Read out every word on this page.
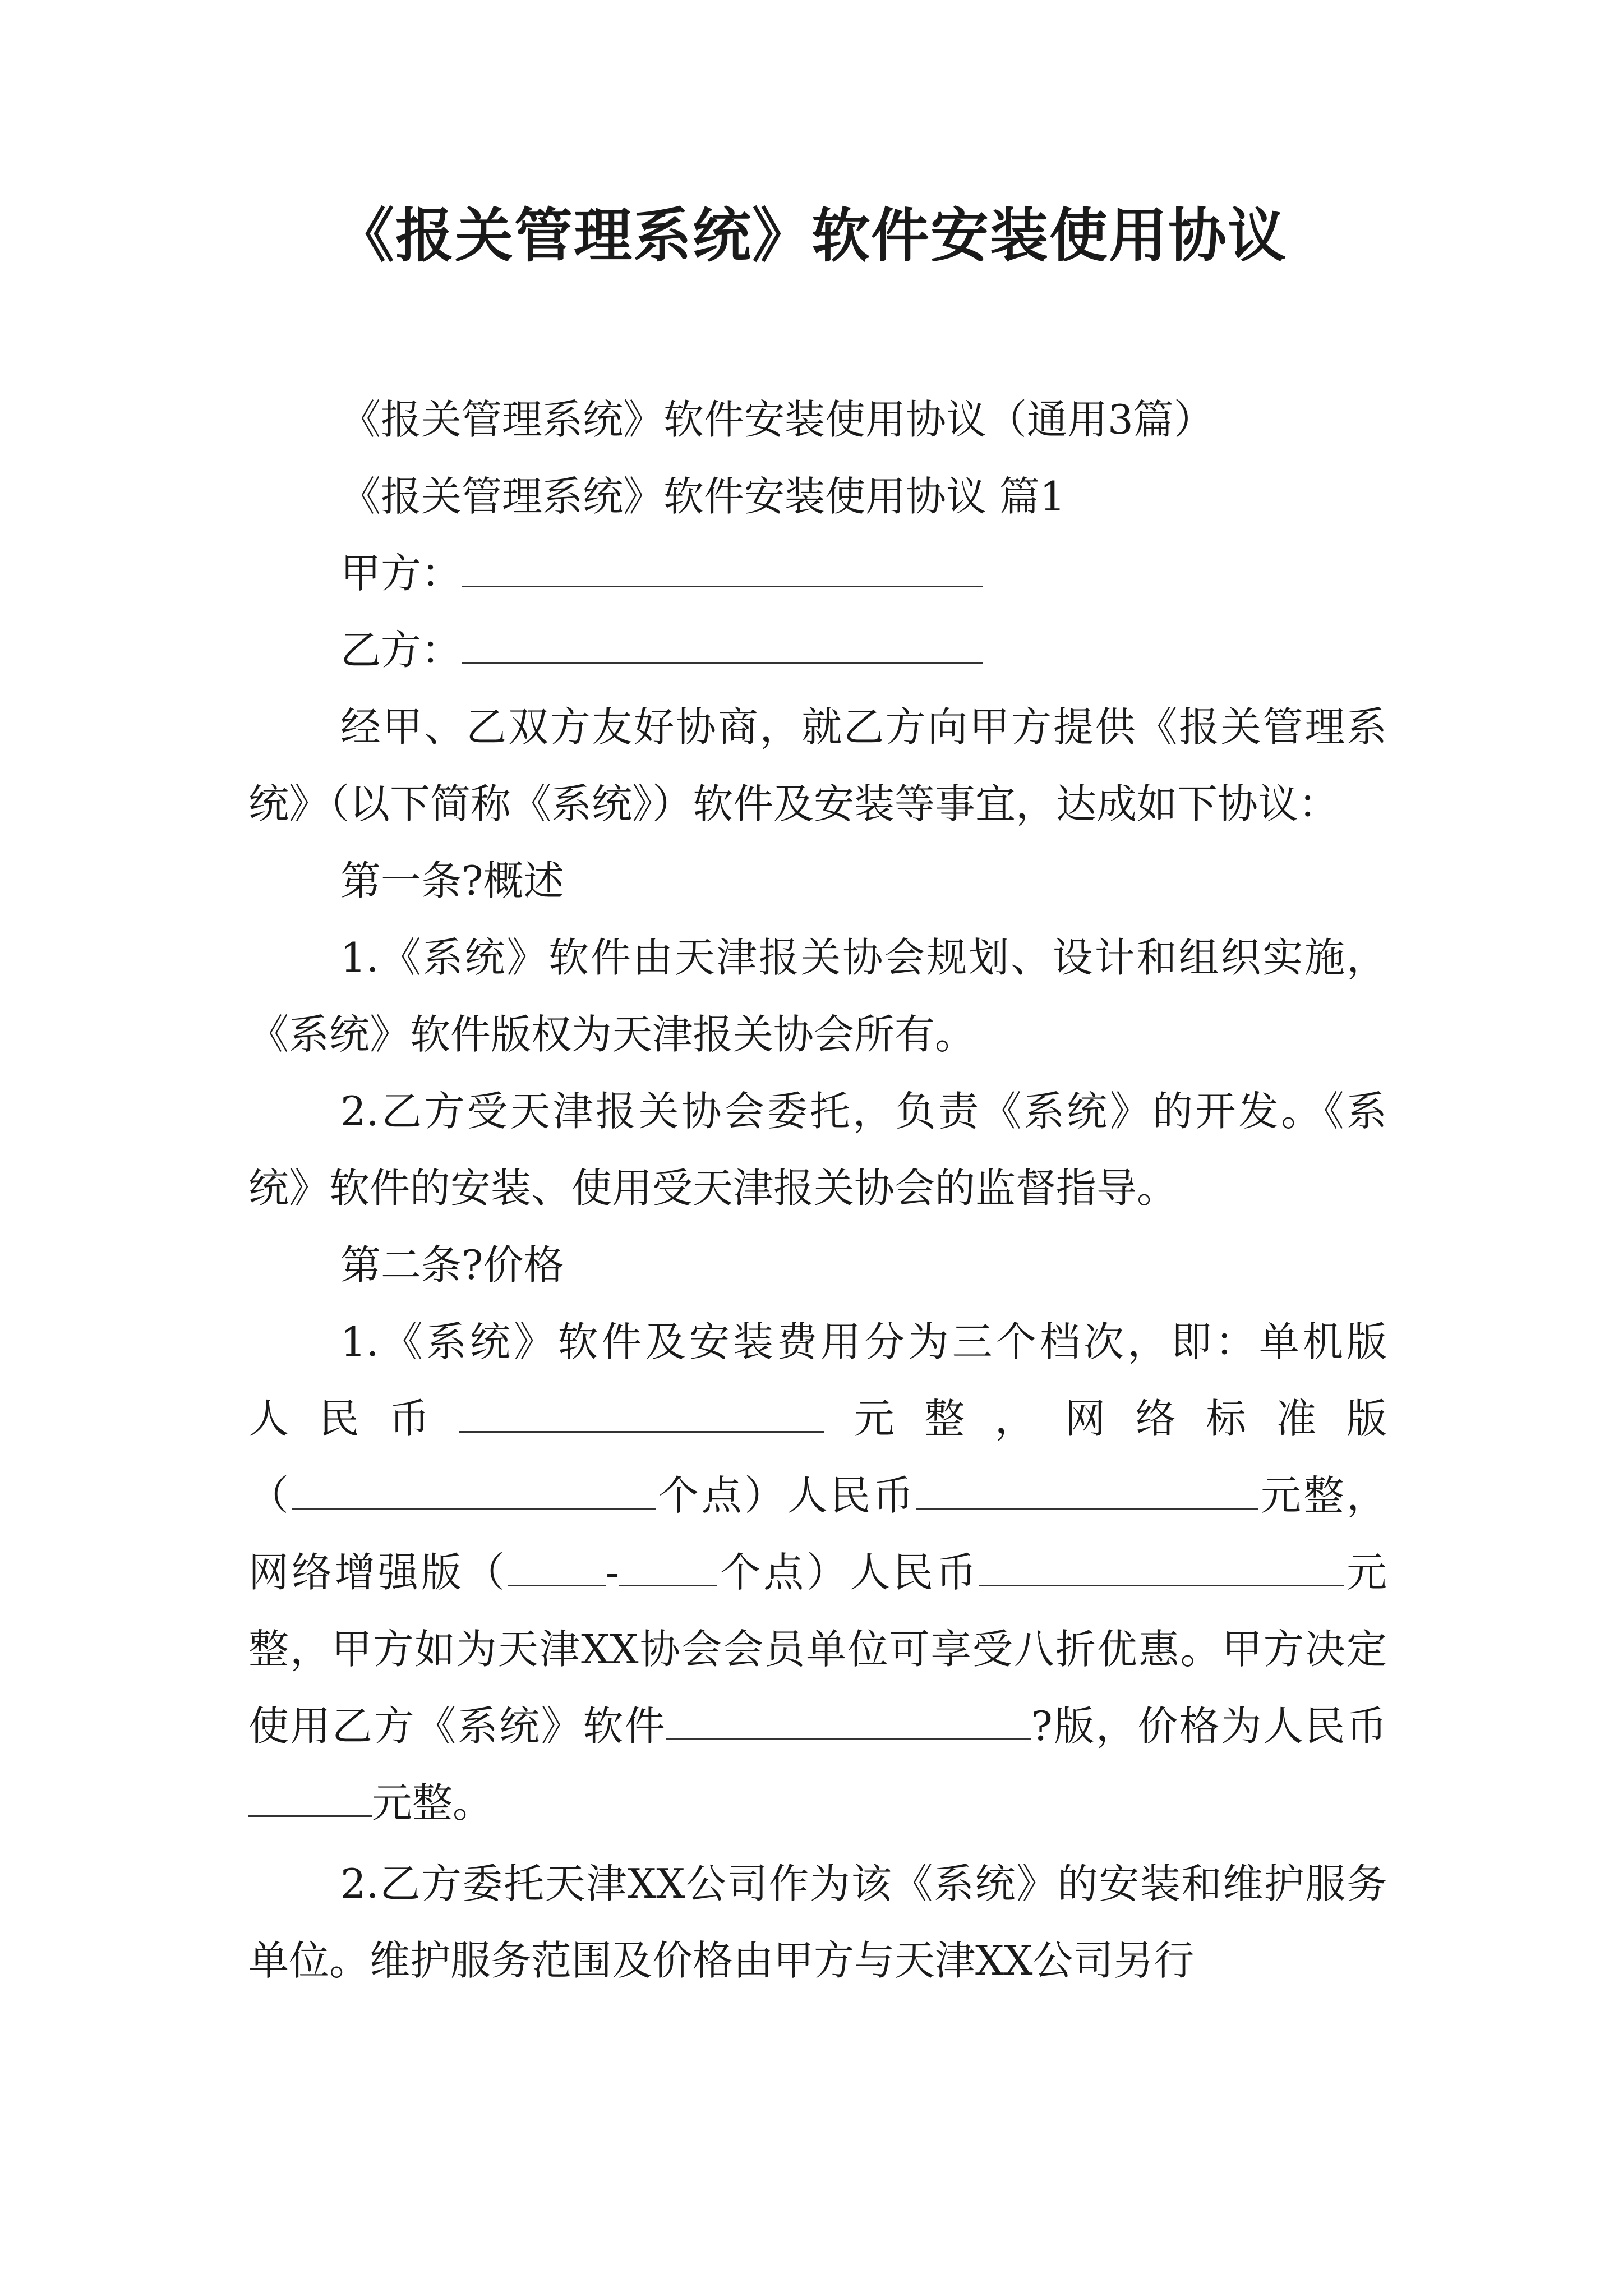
《报关管理系统》软件安装使用协议

《报关管理系统》软件安装使用协议（通用3篇）

《报关管理系统》软件安装使用协议 篇1

甲方：

乙方：

经甲、乙双方友好协商，就乙方向甲方提供《报关管理系统》（以下简称《系统》）软件及安装等事宜，达成如下协议：

第一条?概述

1.《系统》软件由天津报关协会规划、设计和组织实施，《系统》软件版权为天津报关协会所有。

2.乙方受天津报关协会委托，负责《系统》的开发。《系统》软件的安装、使用受天津报关协会的监督指导。

第二条?价格

1.《系统》软件及安装费用分为三个档次，即：单机版

人民币	元整，网络标准版

（	个点）人民币	元整，

网络增强版（ - 个点）人民币	元整，甲方如为天津XX协会会员单位可享受八折优惠。甲方决定使用乙方《系统》软件	?版，价格为人民币元整。

2.乙方委托天津XX公司作为该《系统》的安装和维护服务单位。维护服务范围及价格由甲方与天津XX公司另行
